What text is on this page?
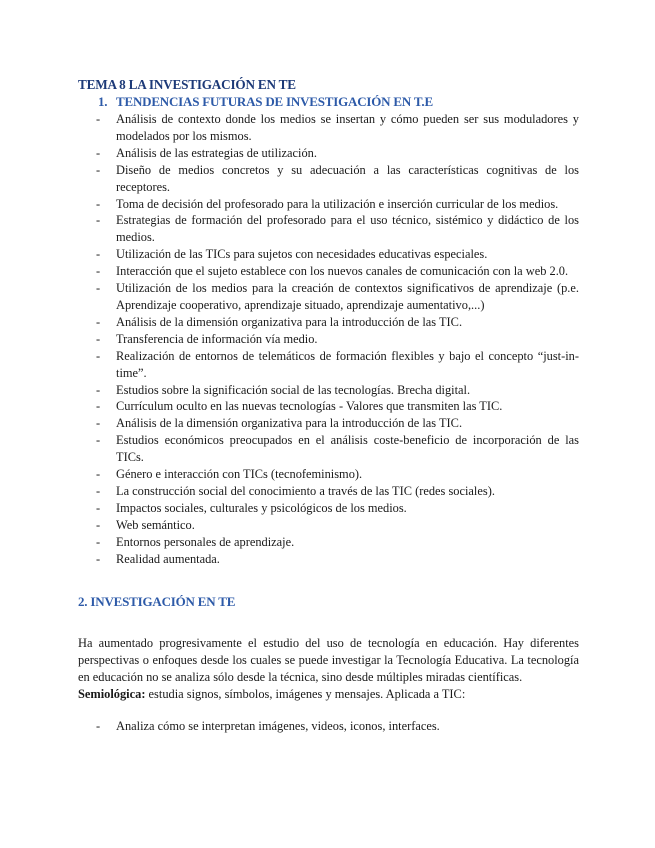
TEMA 8 LA INVESTIGACIÓN EN TE
1. TENDENCIAS FUTURAS DE INVESTIGACIÓN EN T.E
- Análisis de contexto donde los medios se insertan y cómo pueden ser sus moduladores y modelados por los mismos.
- Análisis de las estrategias de utilización.
- Diseño de medios concretos y su adecuación a las características cognitivas de los receptores.
- Toma de decisión del profesorado para la utilización e inserción curricular de los medios.
- Estrategias de formación del profesorado para el uso técnico, sistémico y didáctico de los medios.
- Utilización de las TICs para sujetos con necesidades educativas especiales.
- Interacción que el sujeto establece con los nuevos canales de comunicación con la web 2.0.
- Utilización de los medios para la creación de contextos significativos de aprendizaje (p.e. Aprendizaje cooperativo, aprendizaje situado, aprendizaje aumentativo,...)
- Análisis de la dimensión organizativa para la introducción de las TIC.
- Transferencia de información vía medio.
- Realización de entornos de telemáticos de formación flexibles y bajo el concepto “just-in-time”.
- Estudios sobre la significación social de las tecnologías. Brecha digital.
- Currículum oculto en las nuevas tecnologías - Valores que transmiten las TIC.
- Análisis de la dimensión organizativa para la introducción de las TIC.
- Estudios económicos preocupados en el análisis coste-beneficio de incorporación de las TICs.
- Género e interacción con TICs (tecnofeminismo).
- La construcción social del conocimiento a través de las TIC (redes sociales).
- Impactos sociales, culturales y psicológicos de los medios.
- Web semántico.
- Entornos personales de aprendizaje.
- Realidad aumentada.
2. INVESTIGACIÓN EN TE

Ha aumentado progresivamente el estudio del uso de tecnología en educación. Hay diferentes perspectivas o enfoques desde los cuales se puede investigar la Tecnología Educativa. La tecnología en educación no se analiza sólo desde la técnica, sino desde múltiples miradas científicas.

Semiológica: estudia signos, símbolos, imágenes y mensajes. Aplicada a TIC:

- Analiza cómo se interpretan imágenes, videos, iconos, interfaces.
